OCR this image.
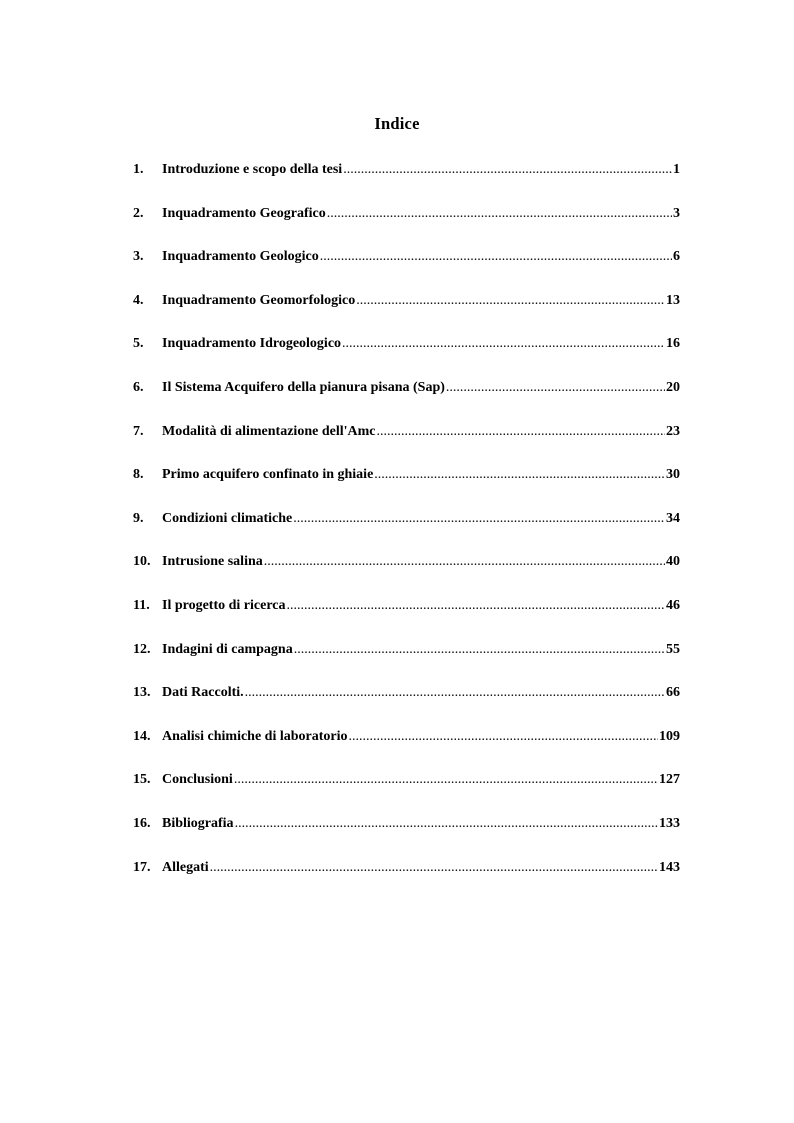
Indice
1.	Introduzione e scopo della tesi .....	1
2.	Inquadramento Geografico .....	3
3.	Inquadramento Geologico .....	6
4.	Inquadramento Geomorfologico .....	13
5.	Inquadramento Idrogeologico .....	16
6.	Il Sistema Acquifero della pianura pisana (Sap) .....	20
7.	Modalità di alimentazione dell'Amc .....	23
8.	Primo acquifero confinato in ghiaie .....	30
9.	Condizioni climatiche .....	34
10. Intrusione salina .....	40
11. Il progetto di ricerca .....	46
12. Indagini di campagna .....	55
13. Dati Raccolti. .....	66
14. Analisi chimiche di laboratorio .....	109
15. Conclusioni .....	127
16. Bibliografia .....	133
17. Allegati .....	143
